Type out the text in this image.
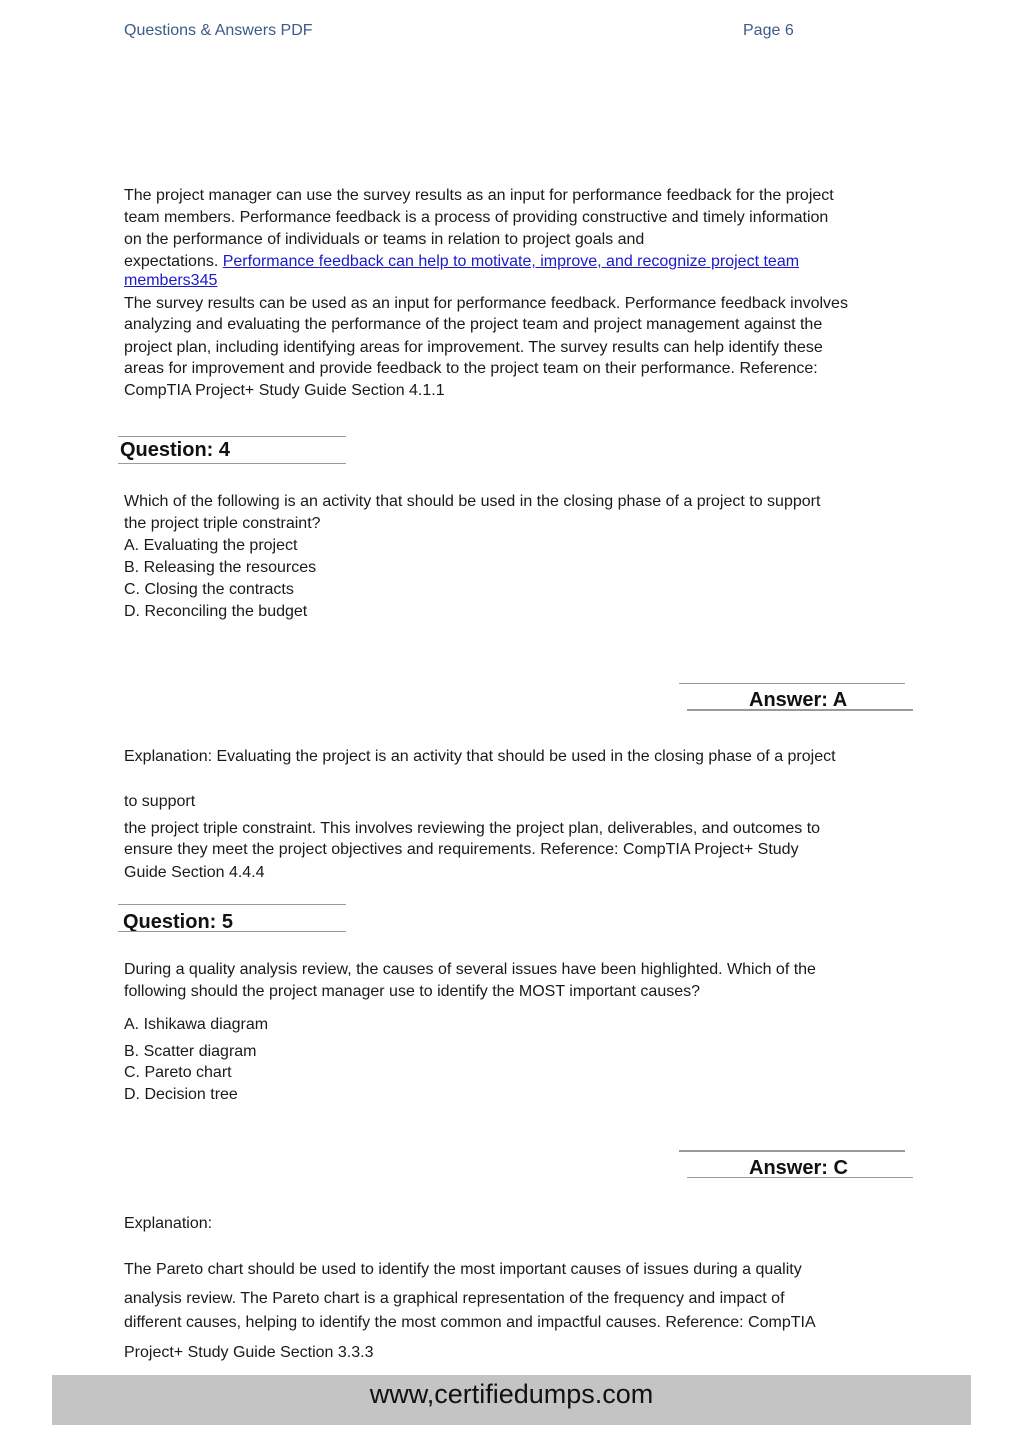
Questions & Answers PDF	Page 6
The project manager can use the survey results as an input for performance feedback for the project
team members. Performance feedback is a process of providing constructive and timely information
on the performance of individuals or teams in relation to project goals and
expectations. Performance feedback can help to motivate, improve, and recognize project team
members345
The survey results can be used as an input for performance feedback. Performance feedback involves
analyzing and evaluating the performance of the project team and project management against the
project plan, including identifying areas for improvement. The survey results can help identify these
areas for improvement and provide feedback to the project team on their performance. Reference:
CompTIA Project+ Study Guide Section 4.1.1
Question: 4
Which of the following is an activity that should be used in the closing phase of a project to support
the project triple constraint?
A. Evaluating the project
B. Releasing the resources
C. Closing the contracts
D. Reconciling the budget
Answer: A
Explanation: Evaluating the project is an activity that should be used in the closing phase of a project
to support
the project triple constraint. This involves reviewing the project plan, deliverables, and outcomes to
ensure they meet the project objectives and requirements. Reference: CompTIA Project+ Study
Guide Section 4.4.4
Question: 5
During a quality analysis review, the causes of several issues have been highlighted. Which of the
following should the project manager use to identify the MOST important causes?
A. Ishikawa diagram
B. Scatter diagram
C. Pareto chart
D. Decision tree
Answer: C
Explanation:
The Pareto chart should be used to identify the most important causes of issues during a quality
analysis review. The Pareto chart is a graphical representation of the frequency and impact of
different causes, helping to identify the most common and impactful causes. Reference: CompTIA
Project+ Study Guide Section 3.3.3
www,certifiedumps.com
